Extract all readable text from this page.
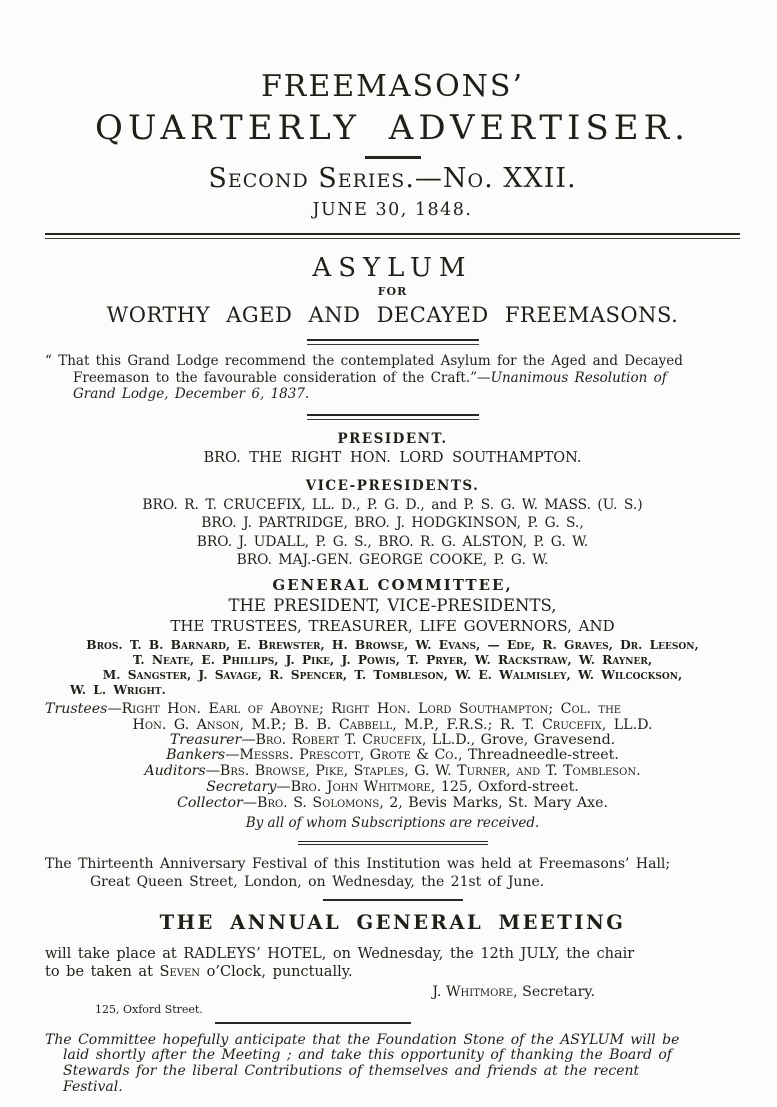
FREEMASONS’
QUARTERLY ADVERTISER.
Second Series.—No. XXII.
JUNE 30, 1848.
ASYLUM
FOR
WORTHY AGED AND DECAYED FREEMASONS.
“ That this Grand Lodge recommend the contemplated Asylum for the Aged and Decayed
Freemason to the favourable consideration of the Craft.”—Unanimous Resolution of
Grand Lodge, December 6, 1837.
PRESIDENT.
BRO. THE RIGHT HON. LORD SOUTHAMPTON.
VICE-PRESIDENTS.
BRO. R. T. CRUCEFIX, LL. D., P. G. D., and P. S. G. W. MASS. (U. S.)
BRO. J. PARTRIDGE, BRO. J. HODGKINSON, P. G. S.,
BRO. J. UDALL, P. G. S., BRO. R. G. ALSTON, P. G. W.
BRO. MAJ.-GEN. GEORGE COOKE, P. G. W.
GENERAL COMMITTEE,
THE PRESIDENT, VICE-PRESIDENTS,
THE TRUSTEES, TREASURER, LIFE GOVERNORS, AND
Bros. T. B. Barnard, E. Brewster, H. Browse, W. Evans, — Ede, R. Graves, Dr. Leeson,
T. Neate, E. Phillips, J. Pike, J. Powis, T. Pryer, W. Rackstraw, W. Rayner,
M. Sangster, J. Savage, R. Spencer, T. Tombleson, W. E. Walmisley, W. Wilcockson,
W. L. Wright.
Trustees—Right Hon. Earl of Aboyne; Right Hon. Lord Southampton; Col. the
Hon. G. Anson, M.P.; B. B. Cabbell, M.P., F.R.S.; R. T. Crucefix, LL.D.
Treasurer—Bro. Robert T. Crucefix, LL.D., Grove, Gravesend.
Bankers—Messrs. Prescott, Grote & Co., Threadneedle-street.
Auditors—Brs. Browse, Pike, Staples, G. W. Turner, and T. Tombleson.
Secretary—Bro. John Whitmore, 125, Oxford-street.
Collector—Bro. S. Solomons, 2, Bevis Marks, St. Mary Axe.
By all of whom Subscriptions are received.
The Thirteenth Anniversary Festival of this Institution was held at Freemasons’ Hall;
Great Queen Street, London, on Wednesday, the 21st of June.
THE ANNUAL GENERAL MEETING
will take place at RADLEYS’ HOTEL, on Wednesday, the 12th JULY, the chair
to be taken at Seven o’Clock, punctually.
J. Whitmore, Secretary.
125, Oxford Street.
The Committee hopefully anticipate that the Foundation Stone of the ASYLUM will be
laid shortly after the Meeting ; and take this opportunity of thanking the Board of
Stewards for the liberal Contributions of themselves and friends at the recent
Festival.
